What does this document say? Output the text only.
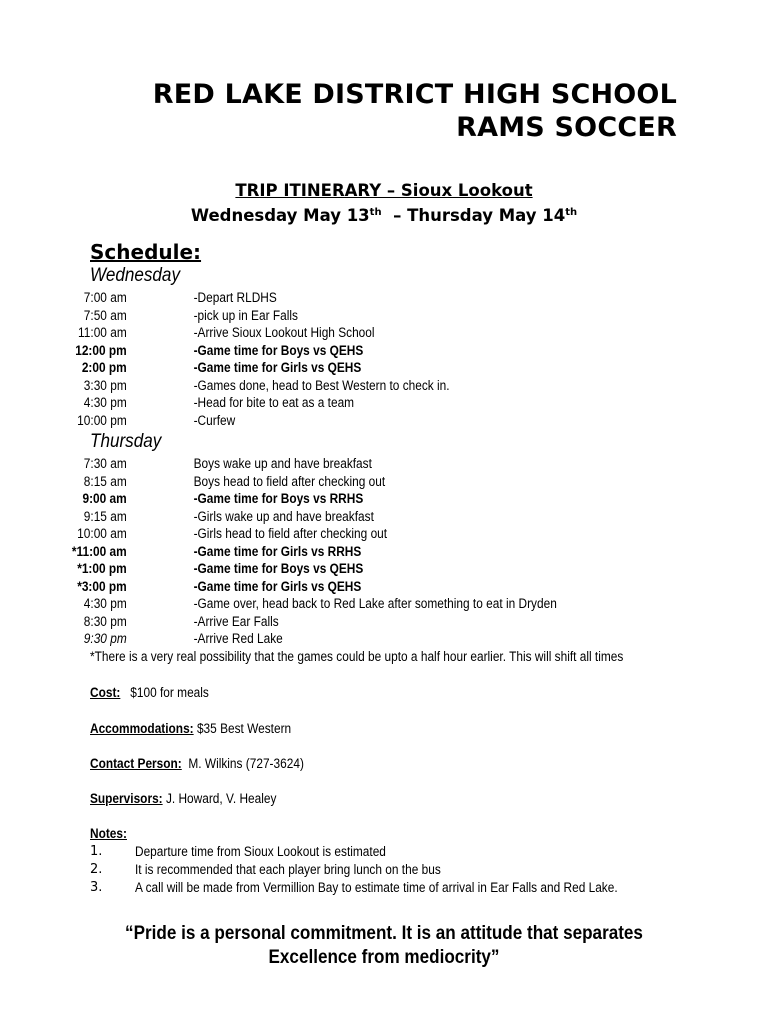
RED LAKE DISTRICT HIGH SCHOOL
RAMS SOCCER
TRIP ITINERARY – Sioux Lookout
Wednesday May 13th – Thursday May 14th
Schedule:
Wednesday
7:00 am	-Depart RLDHS
7:50 am	-pick up in Ear Falls
11:00 am	-Arrive Sioux Lookout High School
12:00 pm	-Game time for Boys vs QEHS
2:00 pm	-Game time for Girls vs QEHS
3:30 pm	-Games done, head to Best Western to check in.
4:30 pm	-Head for bite to eat as a team
10:00 pm	-Curfew
Thursday
7:30 am	Boys wake up and have breakfast
8:15 am	Boys head to field after checking out
9:00 am	-Game time for Boys vs RRHS
9:15 am	-Girls wake up and have breakfast
10:00 am	-Girls head to field after checking out
*11:00 am	-Game time for Girls vs RRHS
*1:00 pm	-Game time for Boys vs QEHS
*3:00 pm	-Game time for Girls vs QEHS
4:30 pm	-Game over, head back to Red Lake after something to eat in Dryden
8:30 pm	-Arrive Ear Falls
9:30 pm	-Arrive Red Lake
*There is a very real possibility that the games could be upto a half hour earlier. This will shift all times
Cost: $100 for meals
Accommodations: $35 Best Western
Contact Person: M. Wilkins (727-3624)
Supervisors: J. Howard, V. Healey
Notes:
1. Departure time from Sioux Lookout is estimated
2. It is recommended that each player bring lunch on the bus
3. A call will be made from Vermillion Bay to estimate time of arrival in Ear Falls and Red Lake.
“Pride is a personal commitment. It is an attitude that separates
Excellence from mediocrity”
